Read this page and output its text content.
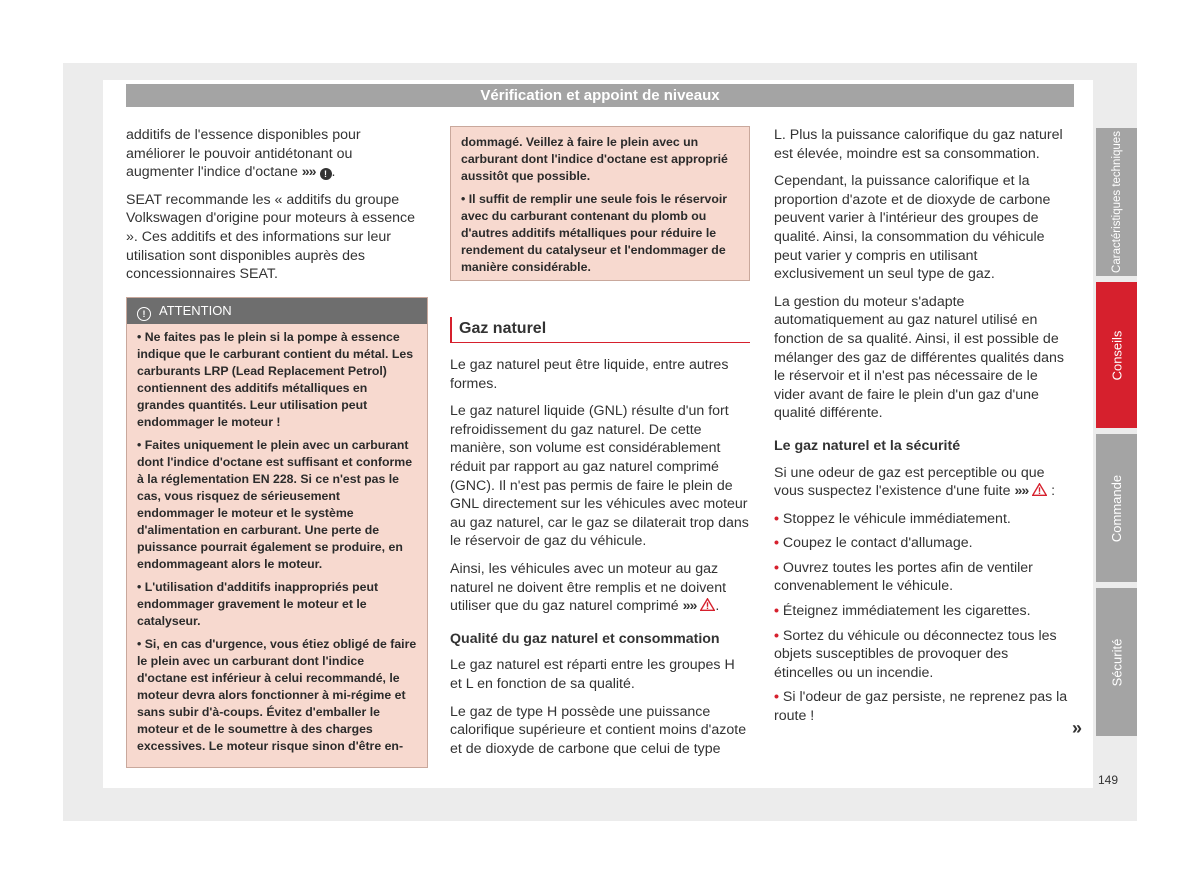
Vérification et appoint de niveaux

additifs de l'essence disponibles pour améliorer le pouvoir antidétonant ou augmenter l'indice d'octane »» ! .

SEAT recommande les « additifs du groupe Volkswagen d'origine pour moteurs à essence ». Ces additifs et des informations sur leur utilisation sont disponibles auprès des concessionnaires SEAT.

! ATTENTION

• Ne faites pas le plein si la pompe à essence indique que le carburant contient du métal. Les carburants LRP (Lead Replacement Petrol) contiennent des additifs métalliques en grandes quantités. Leur utilisation peut endommager le moteur !

• Faites uniquement le plein avec un carburant dont l'indice d'octane est suffisant et conforme à la réglementation EN 228. Si ce n'est pas le cas, vous risquez de sérieusement endommager le moteur et le système d'alimentation en carburant. Une perte de puissance pourrait également se produire, en endommageant alors le moteur.

• L'utilisation d'additifs inappropriés peut endommager gravement le moteur et le catalyseur.

• Si, en cas d'urgence, vous étiez obligé de faire le plein avec un carburant dont l'indice d'octane est inférieur à celui recommandé, le moteur devra alors fonctionner à mi-régime et sans subir d'à-coups. Évitez d'emballer le moteur et de le soumettre à des charges excessives. Le moteur risque sinon d'être en-

dommagé. Veillez à faire le plein avec un carburant dont l'indice d'octane est approprié aussitôt que possible.

• Il suffit de remplir une seule fois le réservoir avec du carburant contenant du plomb ou d'autres additifs métalliques pour réduire le rendement du catalyseur et l'endommager de manière considérable.

Gaz naturel

Le gaz naturel peut être liquide, entre autres formes.

Le gaz naturel liquide (GNL) résulte d'un fort refroidissement du gaz naturel. De cette manière, son volume est considérablement réduit par rapport au gaz naturel comprimé (GNC). Il n'est pas permis de faire le plein de GNL directement sur les véhicules avec moteur au gaz naturel, car le gaz se dilaterait trop dans le réservoir de gaz du véhicule.

Ainsi, les véhicules avec un moteur au gaz naturel ne doivent être remplis et ne doivent utiliser que du gaz naturel comprimé »» .

Qualité du gaz naturel et consommation

Le gaz naturel est réparti entre les groupes H et L en fonction de sa qualité.

Le gaz de type H possède une puissance calorifique supérieure et contient moins d'azote et de dioxyde de carbone que celui de type

L. Plus la puissance calorifique du gaz naturel est élevée, moindre est sa consommation.

Cependant, la puissance calorifique et la proportion d'azote et de dioxyde de carbone peuvent varier à l'intérieur des groupes de qualité. Ainsi, la consommation du véhicule peut varier y compris en utilisant exclusivement un seul type de gaz.

La gestion du moteur s'adapte automatiquement au gaz naturel utilisé en fonction de sa qualité. Ainsi, il est possible de mélanger des gaz de différentes qualités dans le réservoir et il n'est pas nécessaire de le vider avant de faire le plein d'un gaz d'une qualité différente.

Le gaz naturel et la sécurité

Si une odeur de gaz est perceptible ou que vous suspectez l'existence d'une fuite »»  :

• Stoppez le véhicule immédiatement.
• Coupez le contact d'allumage.
• Ouvrez toutes les portes afin de ventiler convenablement le véhicule.
• Éteignez immédiatement les cigarettes.
• Sortez du véhicule ou déconnectez tous les objets susceptibles de provoquer des étincelles ou un incendie.
• Si l'odeur de gaz persiste, ne reprenez pas la route !
»
Caractéristiques techniques
Conseils
Commande
Sécurité
149
